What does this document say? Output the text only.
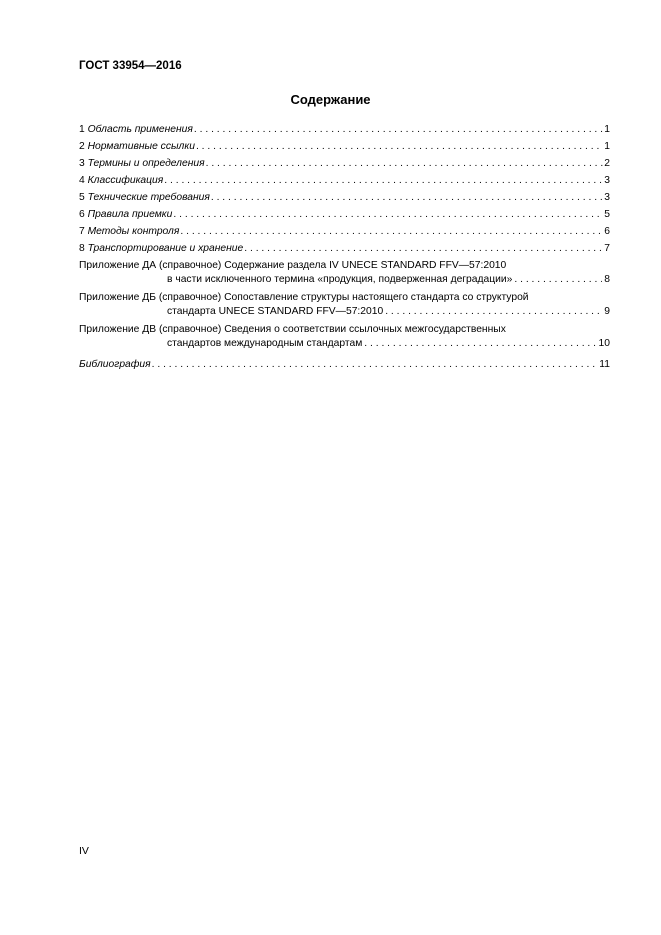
ГОСТ 33954—2016
Содержание
1 Область применения . . .	1
2 Нормативные ссылки . . .	1
3 Термины и определения . . .	2
4 Классификация . . .	3
5 Технические требования . . .	3
6 Правила приемки . . .	5
7 Методы контроля . . .	6
8 Транспортирование и хранение . . .	7
Приложение ДА (справочное) Содержание раздела IV UNECE STANDARD FFV—57:2010
в части исключенного термина «продукция, подверженная деградации» . . .	8
Приложение ДБ (справочное) Сопоставление структуры настоящего стандарта со структурой
стандарта UNECE STANDARD FFV—57:2010 . . .	9
Приложение ДВ (справочное) Сведения о соответствии ссылочных межгосударственных
стандартов международным стандартам . . .	10
Библиография . . .	11
IV
